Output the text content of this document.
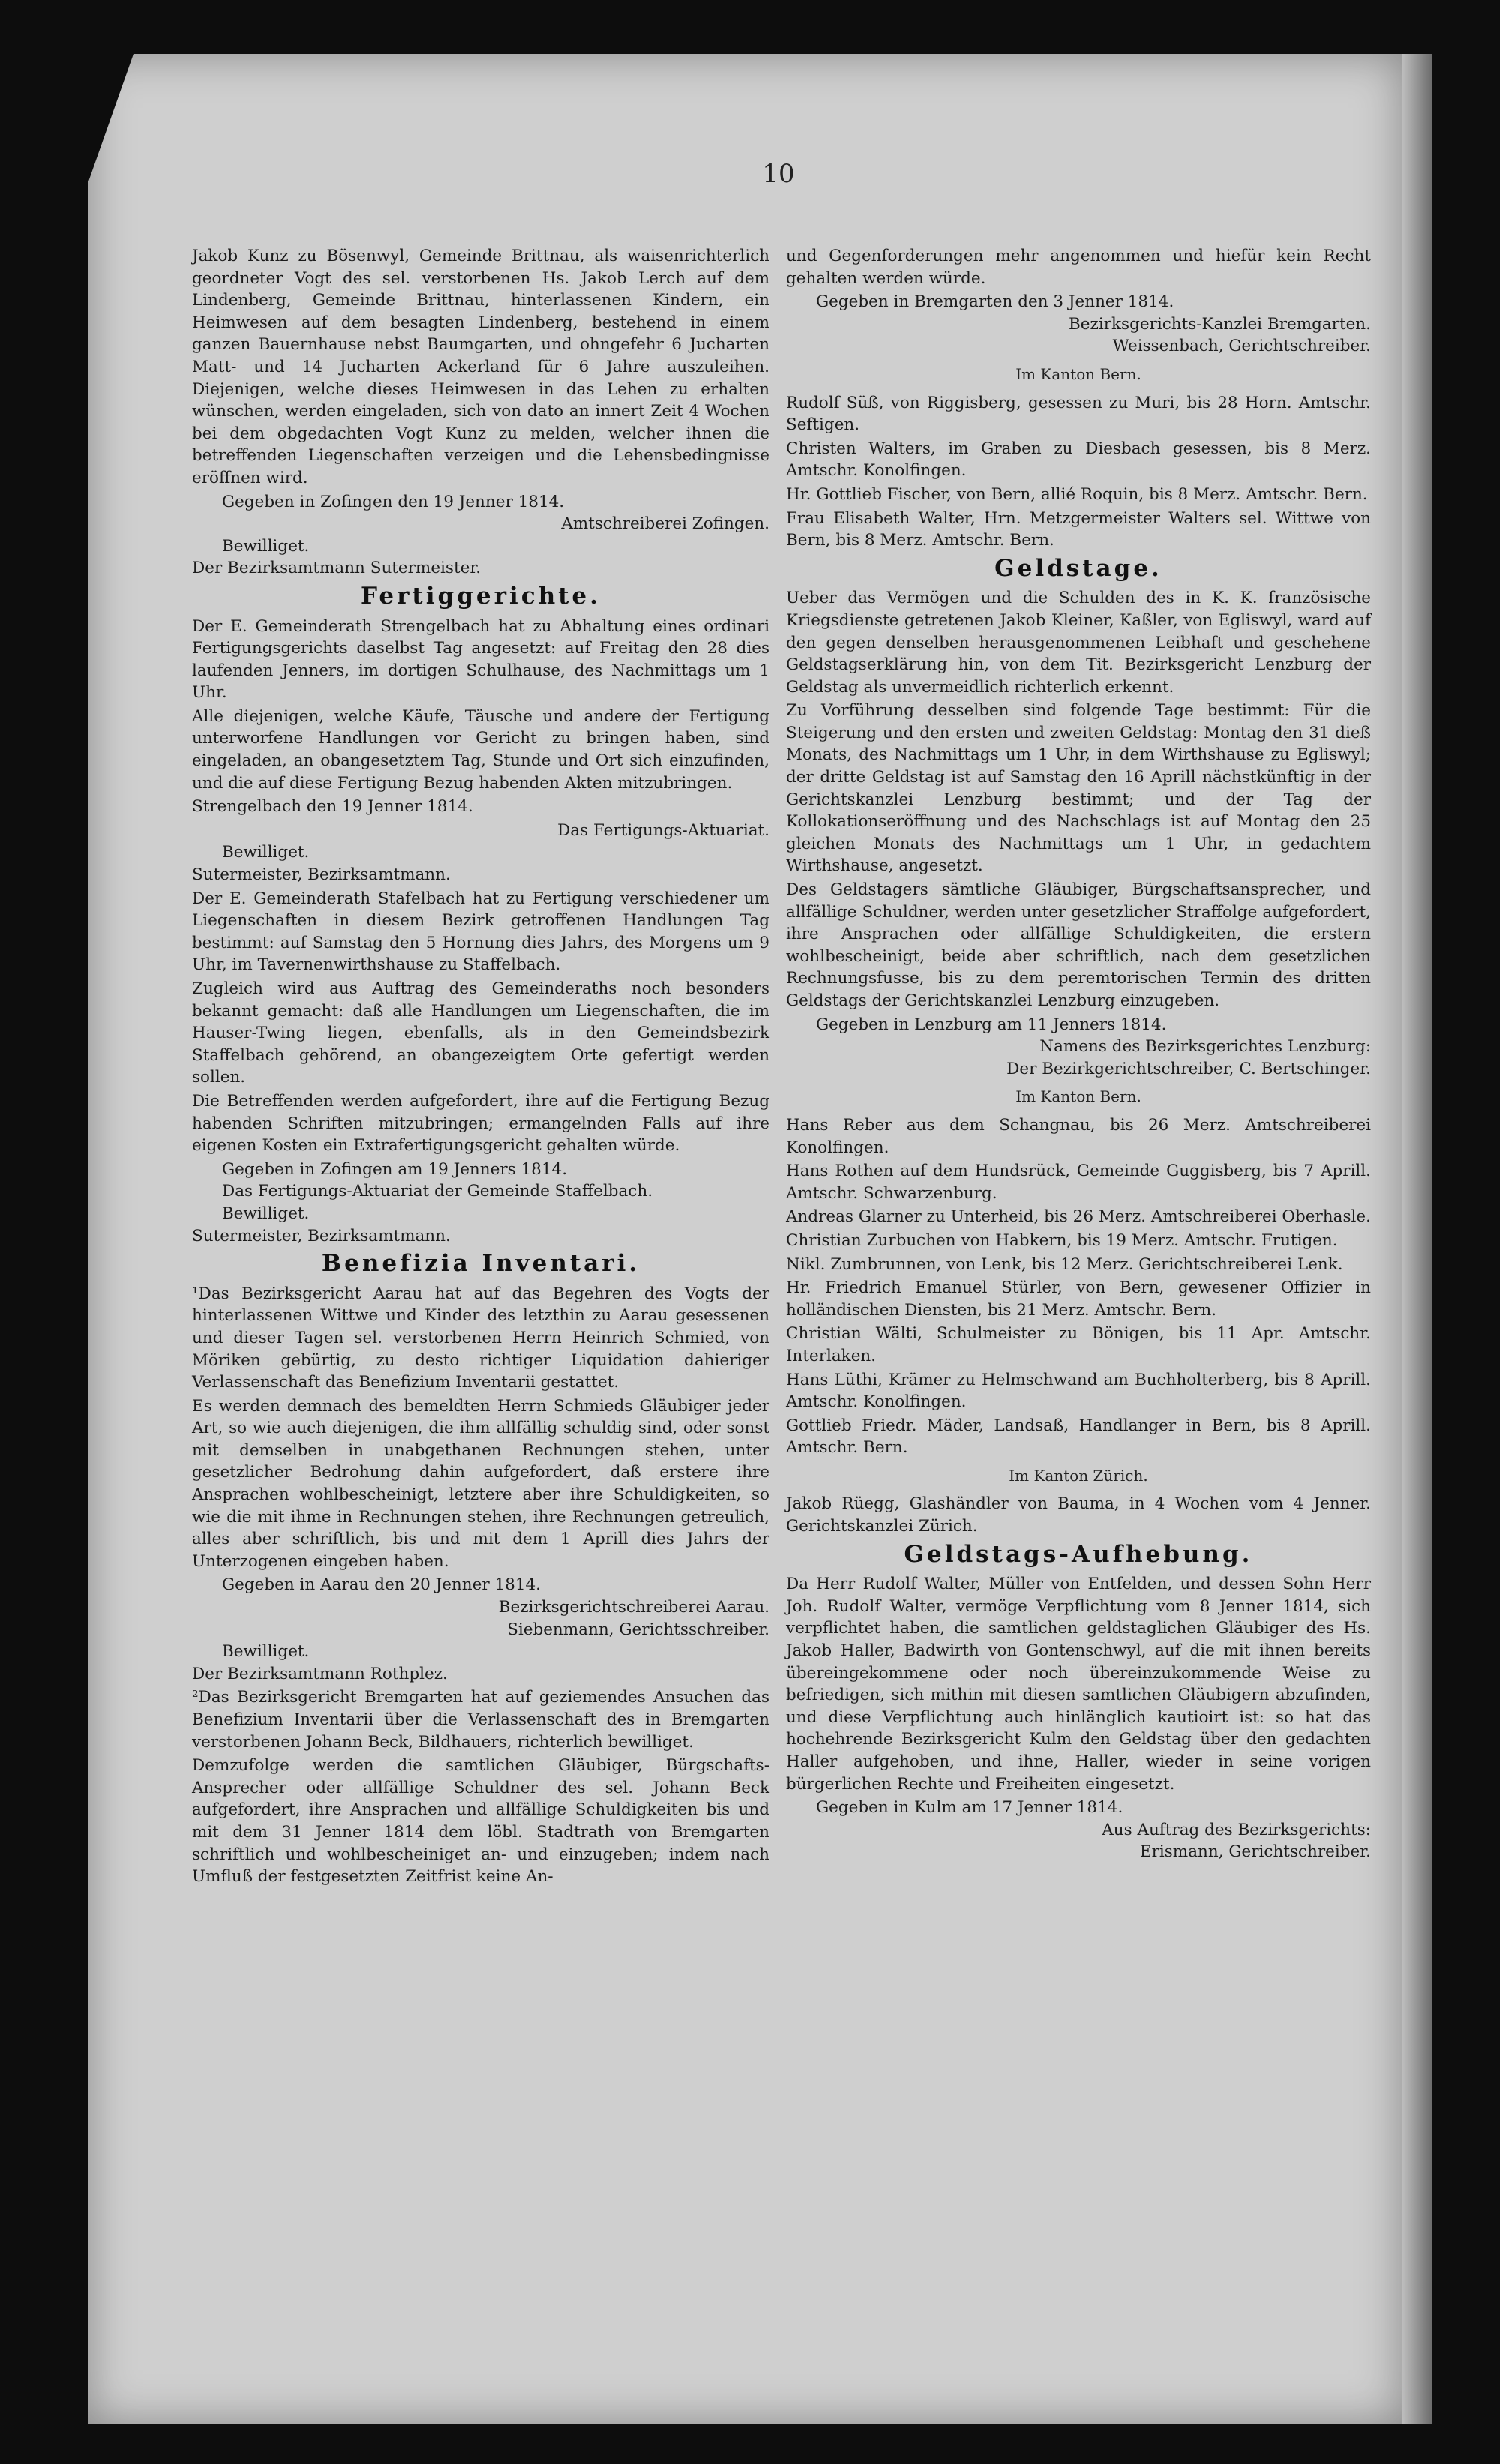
10

Jakob Kunz zu Bösenwyl, Gemeinde Brittnau, als waisenrichterlich geordneter Vogt des sel. verstorbenen Hs. Jakob Lerch auf dem Lindenberg, Gemeinde Brittnau, hinterlassenen Kindern, ein Heimwesen auf dem besagten Lindenberg, bestehend in einem ganzen Bauernhause nebst Baumgarten, und ohngefehr 6 Jucharten Matt- und 14 Jucharten Ackerland für 6 Jahre auszuleihen. Diejenigen, welche dieses Heimwesen in das Lehen zu erhalten wünschen, werden eingeladen, sich von dato an innert Zeit 4 Wochen bei dem obgedachten Vogt Kunz zu melden, welcher ihnen die betreffenden Liegenschaften verzeigen und die Lehensbedingnisse eröffnen wird.

Gegeben in Zofingen den 19 Jenner 1814.

Amtschreiberei Zofingen.

Bewilliget.

Der Bezirksamtmann Sutermeister.

Fertiggerichte.

Der E. Gemeinderath Strengelbach hat zu Abhaltung eines ordinari Fertigungsgerichts daselbst Tag angesetzt: auf Freitag den 28 dies laufenden Jenners, im dortigen Schulhause, des Nachmittags um 1 Uhr.

Alle diejenigen, welche Käufe, Täusche und andere der Fertigung unterworfene Handlungen vor Gericht zu bringen haben, sind eingeladen, an obangesetztem Tag, Stunde und Ort sich einzufinden, und die auf diese Fertigung Bezug habenden Akten mitzubringen.

Strengelbach den 19 Jenner 1814.

Das Fertigungs-Aktuariat.

Bewilliget.

Sutermeister, Bezirksamtmann.

Der E. Gemeinderath Stafelbach hat zu Fertigung verschiedener um Liegenschaften in diesem Bezirk getroffenen Handlungen Tag bestimmt: auf Samstag den 5 Hornung dies Jahrs, des Morgens um 9 Uhr, im Tavernenwirthshause zu Staffelbach.

Zugleich wird aus Auftrag des Gemeinderaths noch besonders bekannt gemacht: daß alle Handlungen um Liegenschaften, die im Hauser-Twing liegen, ebenfalls, als in den Gemeindsbezirk Staffelbach gehörend, an obangezeigtem Orte gefertigt werden sollen.

Die Betreffenden werden aufgefordert, ihre auf die Fertigung Bezug habenden Schriften mitzubringen; ermangelnden Falls auf ihre eigenen Kosten ein Extrafertigungsgericht gehalten würde.

Gegeben in Zofingen am 19 Jenners 1814.

Das Fertigungs-Aktuariat der Gemeinde Staffelbach.

Bewilliget.

Sutermeister, Bezirksamtmann.

Benefizia Inventari.

¹Das Bezirksgericht Aarau hat auf das Begehren des Vogts der hinterlassenen Wittwe und Kinder des letzthin zu Aarau gesessenen und dieser Tagen sel. verstorbenen Herrn Heinrich Schmied, von Möriken gebürtig, zu desto richtiger Liquidation dahieriger Verlassenschaft das Benefizium Inventarii gestattet.

Es werden demnach des bemeldten Herrn Schmieds Gläubiger jeder Art, so wie auch diejenigen, die ihm allfällig schuldig sind, oder sonst mit demselben in unabgethanen Rechnungen stehen, unter gesetzlicher Bedrohung dahin aufgefordert, daß erstere ihre Ansprachen wohlbescheinigt, letztere aber ihre Schuldigkeiten, so wie die mit ihme in Rechnungen stehen, ihre Rechnungen getreulich, alles aber schriftlich, bis und mit dem 1 Aprill dies Jahrs der Unterzogenen eingeben haben.

Gegeben in Aarau den 20 Jenner 1814.

Bezirksgerichtschreiberei Aarau.

Siebenmann, Gerichtsschreiber.

Bewilliget.

Der Bezirksamtmann Rothplez.

²Das Bezirksgericht Bremgarten hat auf geziemendes Ansuchen das Benefizium Inventarii über die Verlassenschaft des in Bremgarten verstorbenen Johann Beck, Bildhauers, richterlich bewilliget.

Demzufolge werden die samtlichen Gläubiger, Bürgschafts-Ansprecher oder allfällige Schuldner des sel. Johann Beck aufgefordert, ihre Ansprachen und allfällige Schuldigkeiten bis und mit dem 31 Jenner 1814 dem löbl. Stadtrath von Bremgarten schriftlich und wohlbescheiniget an- und einzugeben; indem nach Umfluß der festgesetzten Zeitfrist keine An-

und Gegenforderungen mehr angenommen und hiefür kein Recht gehalten werden würde.

Gegeben in Bremgarten den 3 Jenner 1814.

Bezirksgerichts-Kanzlei Bremgarten.

Weissenbach, Gerichtschreiber.

Im Kanton Bern.

Rudolf Süß, von Riggisberg, gesessen zu Muri, bis 28 Horn. Amtschr. Seftigen.

Christen Walters, im Graben zu Diesbach gesessen, bis 8 Merz. Amtschr. Konolfingen.

Hr. Gottlieb Fischer, von Bern, allié Roquin, bis 8 Merz. Amtschr. Bern.

Frau Elisabeth Walter, Hrn. Metzgermeister Walters sel. Wittwe von Bern, bis 8 Merz. Amtschr. Bern.

Geldstage.

Ueber das Vermögen und die Schulden des in K. K. französische Kriegsdienste getretenen Jakob Kleiner, Kaßler, von Egliswyl, ward auf den gegen denselben herausgenommenen Leibhaft und geschehene Geldstagserklärung hin, von dem Tit. Bezirksgericht Lenzburg der Geldstag als unvermeidlich richterlich erkennt.

Zu Vorführung desselben sind folgende Tage bestimmt: Für die Steigerung und den ersten und zweiten Geldstag: Montag den 31 dieß Monats, des Nachmittags um 1 Uhr, in dem Wirthshause zu Egliswyl; der dritte Geldstag ist auf Samstag den 16 Aprill nächstkünftig in der Gerichtskanzlei Lenzburg bestimmt; und der Tag der Kollokationseröffnung und des Nachschlags ist auf Montag den 25 gleichen Monats des Nachmittags um 1 Uhr, in gedachtem Wirthshause, angesetzt.

Des Geldstagers sämtliche Gläubiger, Bürgschaftsansprecher, und allfällige Schuldner, werden unter gesetzlicher Straffolge aufgefordert, ihre Ansprachen oder allfällige Schuldigkeiten, die erstern wohlbescheinigt, beide aber schriftlich, nach dem gesetzlichen Rechnungsfusse, bis zu dem peremtorischen Termin des dritten Geldstags der Gerichtskanzlei Lenzburg einzugeben.

Gegeben in Lenzburg am 11 Jenners 1814.

Namens des Bezirksgerichtes Lenzburg:

Der Bezirkgerichtschreiber, C. Bertschinger.

Im Kanton Bern.

Hans Reber aus dem Schangnau, bis 26 Merz. Amtschreiberei Konolfingen.

Hans Rothen auf dem Hundsrück, Gemeinde Guggisberg, bis 7 Aprill. Amtschr. Schwarzenburg.

Andreas Glarner zu Unterheid, bis 26 Merz. Amtschreiberei Oberhasle.

Christian Zurbuchen von Habkern, bis 19 Merz. Amtschr. Frutigen.

Nikl. Zumbrunnen, von Lenk, bis 12 Merz. Gerichtschreiberei Lenk.

Hr. Friedrich Emanuel Stürler, von Bern, gewesener Offizier in holländischen Diensten, bis 21 Merz. Amtschr. Bern.

Christian Wälti, Schulmeister zu Bönigen, bis 11 Apr. Amtschr. Interlaken.

Hans Lüthi, Krämer zu Helmschwand am Buchholterberg, bis 8 Aprill. Amtschr. Konolfingen.

Gottlieb Friedr. Mäder, Landsaß, Handlanger in Bern, bis 8 Aprill. Amtschr. Bern.

Im Kanton Zürich.

Jakob Rüegg, Glashändler von Bauma, in 4 Wochen vom 4 Jenner. Gerichtskanzlei Zürich.

Geldstags-Aufhebung.

Da Herr Rudolf Walter, Müller von Entfelden, und dessen Sohn Herr Joh. Rudolf Walter, vermöge Verpflichtung vom 8 Jenner 1814, sich verpflichtet haben, die samtlichen geldstaglichen Gläubiger des Hs. Jakob Haller, Badwirth von Gontenschwyl, auf die mit ihnen bereits übereingekommene oder noch übereinzukommende Weise zu befriedigen, sich mithin mit diesen samtlichen Gläubigern abzufinden, und diese Verpflichtung auch hinlänglich kautioirt ist: so hat das hochehrende Bezirksgericht Kulm den Geldstag über den gedachten Haller aufgehoben, und ihne, Haller, wieder in seine vorigen bürgerlichen Rechte und Freiheiten eingesetzt.

Gegeben in Kulm am 17 Jenner 1814.

Aus Auftrag des Bezirksgerichts:

Erismann, Gerichtschreiber.
